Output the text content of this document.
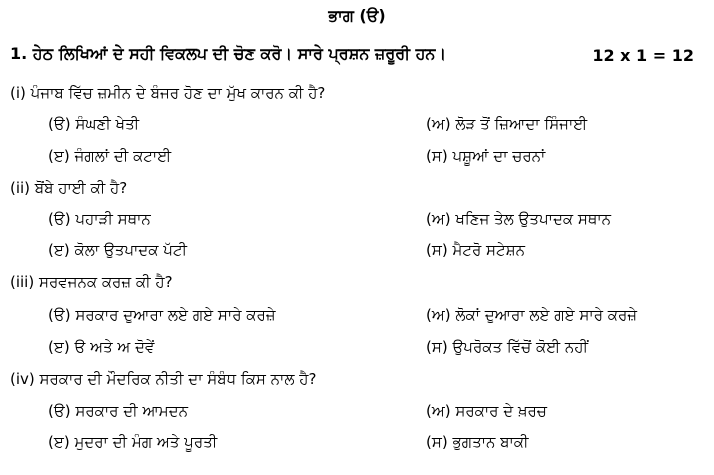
ਭਾਗ (ੳ)
1. ਹੇਠ ਲਿਖਿਆਂ ਦੇ ਸਹੀ ਵਿਕਲਪ ਦੀ ਚੋਣ ਕਰੋ। ਸਾਰੇ ਪ੍ਰਸ਼ਨ ਜ਼ਰੂਰੀ ਹਨ।	12 x 1 = 12
(i) ਪੰਜਾਬ ਵਿੱਚ ਜ਼ਮੀਨ ਦੇ ਬੰਜਰ ਹੋਣ ਦਾ ਮੁੱਖ ਕਾਰਨ ਕੀ ਹੈ?
(ੳ) ਸੰਘਣੀ ਖੇਤੀ	(ਅ) ਲੋੜ ਤੋਂ ਜ਼ਿਆਦਾ ਸਿੰਜਾਈ
(ੲ) ਜੰਗਲਾਂ ਦੀ ਕਟਾਈ	(ਸ) ਪਸ਼ੂਆਂ ਦਾ ਚਰਨਾਂ
(ii) ਬੋਂਬੇ ਹਾਈ ਕੀ ਹੈ?
(ੳ) ਪਹਾੜੀ ਸਥਾਨ	(ਅ) ਖਣਿਜ ਤੇਲ ਉਤਪਾਦਕ ਸਥਾਨ
(ੲ) ਕੋਲਾ ਉਤਪਾਦਕ ਪੱਟੀ	(ਸ) ਮੈਟਰੋ ਸਟੇਸ਼ਨ
(iii) ਸਰਵਜਨਕ ਕਰਜ਼ ਕੀ ਹੈ?
(ੳ) ਸਰਕਾਰ ਦੁਆਰਾ ਲਏ ਗਏ ਸਾਰੇ ਕਰਜ਼ੇ	(ਅ) ਲੋਕਾਂ ਦੁਆਰਾ ਲਏ ਗਏ ਸਾਰੇ ਕਰਜ਼ੇ
(ੲ) ੳ ਅਤੇ ਅ ਦੋਵੇਂ	(ਸ) ਉਪਰੋਕਤ ਵਿੱਚੋਂ ਕੋਈ ਨਹੀਂ
(iv) ਸਰਕਾਰ ਦੀ ਮੌਦਰਿਕ ਨੀਤੀ ਦਾ ਸੰਬੰਧ ਕਿਸ ਨਾਲ ਹੈ?
(ੳ) ਸਰਕਾਰ ਦੀ ਆਮਦਨ	(ਅ) ਸਰਕਾਰ ਦੇ ਖ਼ਰਚ
(ੲ) ਮੁਦਰਾ ਦੀ ਮੰਗ ਅਤੇ ਪੂਰਤੀ	(ਸ) ਭੁਗਤਾਨ ਬਾਕੀ
